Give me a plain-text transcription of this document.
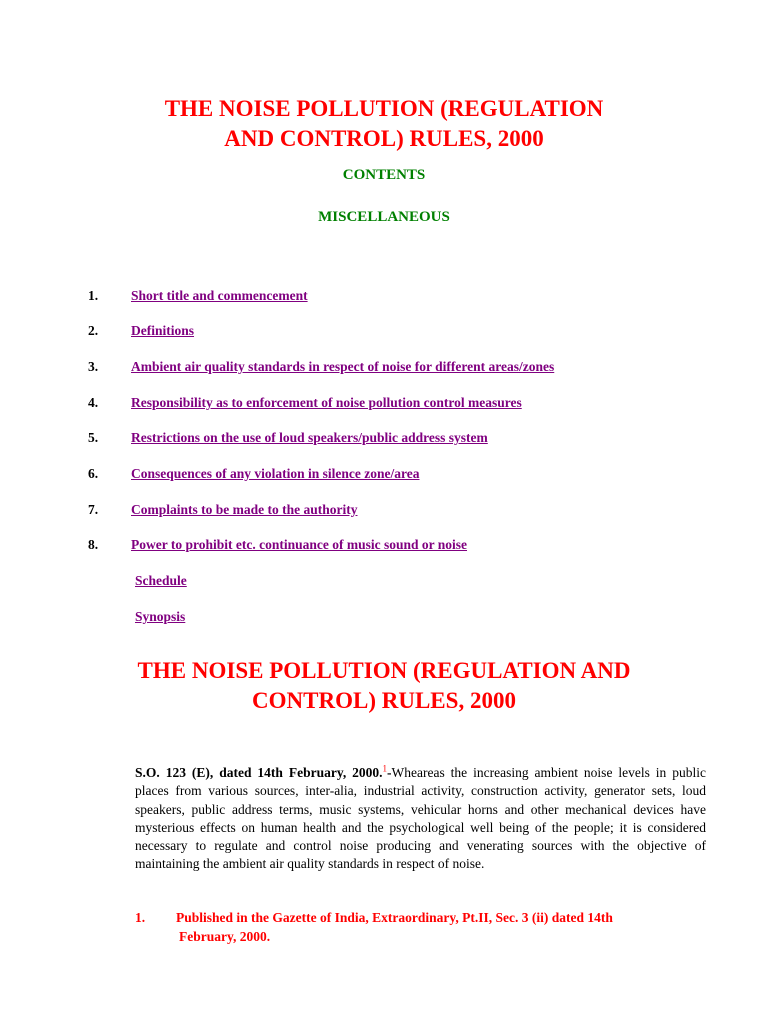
THE NOISE POLLUTION (REGULATION
AND CONTROL) RULES, 2000
CONTENTS
MISCELLANEOUS
1. Short title and commencement
2. Definitions
3. Ambient air quality standards in respect of noise for different areas/zones
4. Responsibility as to enforcement of noise pollution control measures
5. Restrictions on the use of loud speakers/public address system
6. Consequences of any violation in silence zone/area
7. Complaints to be made to the authority
8. Power to prohibit etc. continuance of music sound or noise
Schedule
Synopsis
THE NOISE POLLUTION (REGULATION AND
CONTROL) RULES, 2000

S.O. 123 (E), dated 14th February, 2000.$^1$-Wheareas the increasing ambient noise levels in public places from various sources, inter-alia, industrial activity, construction activity, generator sets, loud speakers, public address terms, music systems, vehicular horns and other mechanical devices have mysterious effects on human health and the psychological well being of the people; it is considered necessary to regulate and control noise producing and venerating sources with the objective of maintaining the ambient air quality standards in respect of noise.

1. Published in the Gazette of India, Extraordinary, Pt.II, Sec. 3 (ii) dated 14th
February, 2000.
